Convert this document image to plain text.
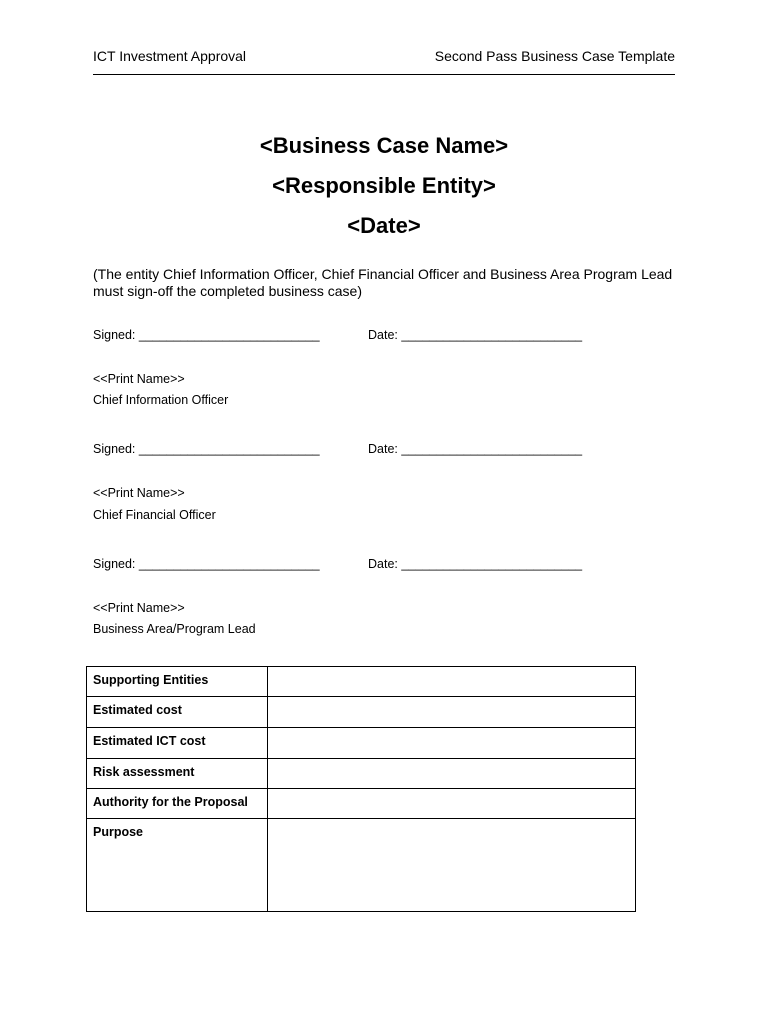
ICT Investment Approval	Second Pass Business Case Template
<Business Case Name>
<Responsible Entity>
<Date>
(The entity Chief Information Officer, Chief Financial Officer and Business Area Program Lead must sign-off the completed business case)
Signed: __________________________	Date: __________________________
<<Print Name>>
Chief Information Officer
Signed: __________________________	Date: __________________________
<<Print Name>>
Chief Financial Officer
Signed: __________________________	Date: __________________________
<<Print Name>>
Business Area/Program Lead
Supporting Entities	
Estimated cost	
Estimated ICT cost	
Risk assessment	
Authority for the Proposal	
Purpose	
